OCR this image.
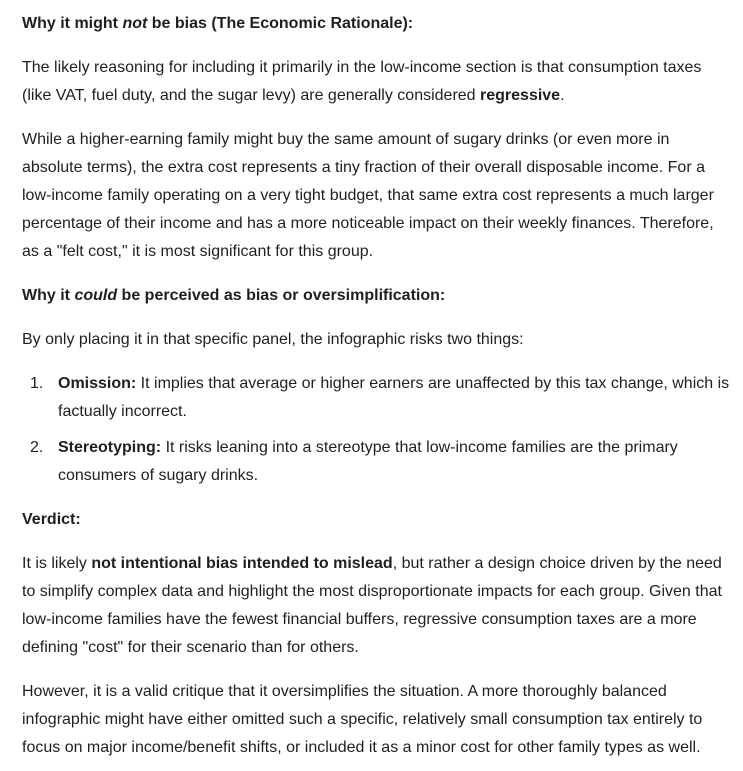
Why it might not be bias (The Economic Rationale):

The likely reasoning for including it primarily in the low-income section is that consumption taxes (like VAT, fuel duty, and the sugar levy) are generally considered regressive.

While a higher-earning family might buy the same amount of sugary drinks (or even more in absolute terms), the extra cost represents a tiny fraction of their overall disposable income. For a low-income family operating on a very tight budget, that same extra cost represents a much larger percentage of their income and has a more noticeable impact on their weekly finances. Therefore, as a "felt cost," it is most significant for this group.

Why it could be perceived as bias or oversimplification:

By only placing it in that specific panel, the infographic risks two things:

1. Omission: It implies that average or higher earners are unaffected by this tax change, which is factually incorrect.
2. Stereotyping: It risks leaning into a stereotype that low-income families are the primary consumers of sugary drinks.

Verdict:

It is likely not intentional bias intended to mislead, but rather a design choice driven by the need to simplify complex data and highlight the most disproportionate impacts for each group. Given that low-income families have the fewest financial buffers, regressive consumption taxes are a more defining "cost" for their scenario than for others.

However, it is a valid critique that it oversimplifies the situation. A more thoroughly balanced infographic might have either omitted such a specific, relatively small consumption tax entirely to focus on major income/benefit shifts, or included it as a minor cost for other family types as well.
